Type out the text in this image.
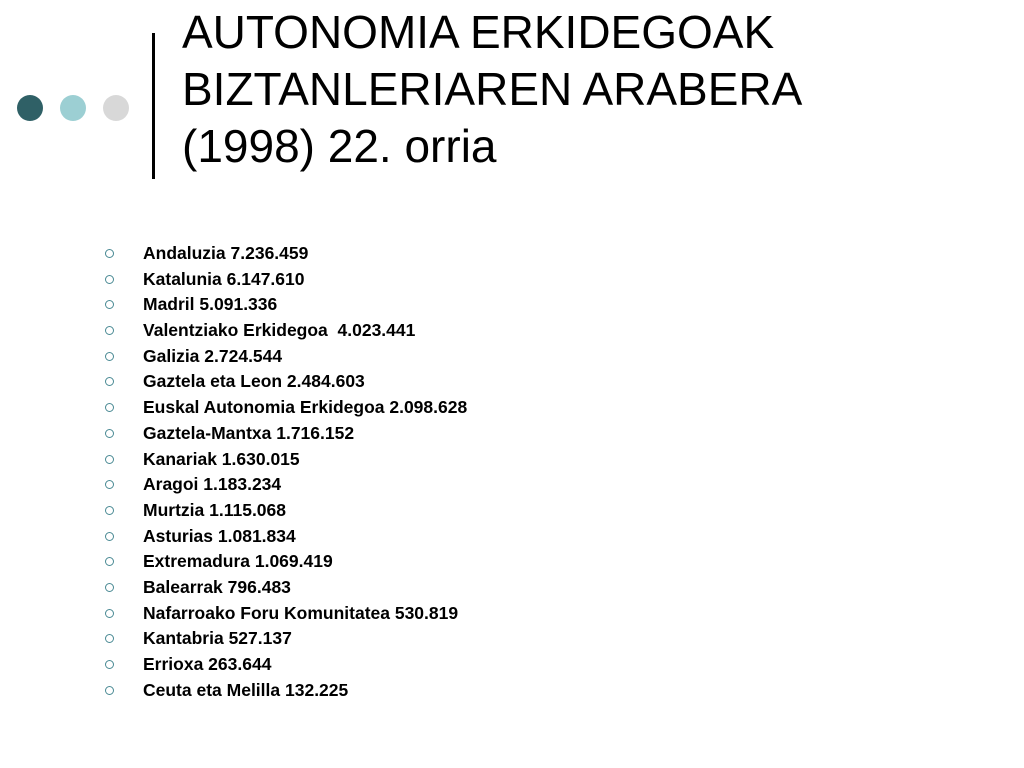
AUTONOMIA ERKIDEGOAK
BIZTANLERIAREN ARABERA
(1998) 22. orria
Andaluzia 7.236.459
Katalunia 6.147.610
Madril 5.091.336
Valentziako Erkidegoa  4.023.441
Galizia 2.724.544
Gaztela eta Leon 2.484.603
Euskal Autonomia Erkidegoa 2.098.628
Gaztela-Mantxa 1.716.152
Kanariak 1.630.015
Aragoi 1.183.234
Murtzia 1.115.068
Asturias 1.081.834
Extremadura 1.069.419
Balearrak 796.483
Nafarroako Foru Komunitatea 530.819
Kantabria 527.137
Errioxa 263.644
Ceuta eta Melilla 132.225
